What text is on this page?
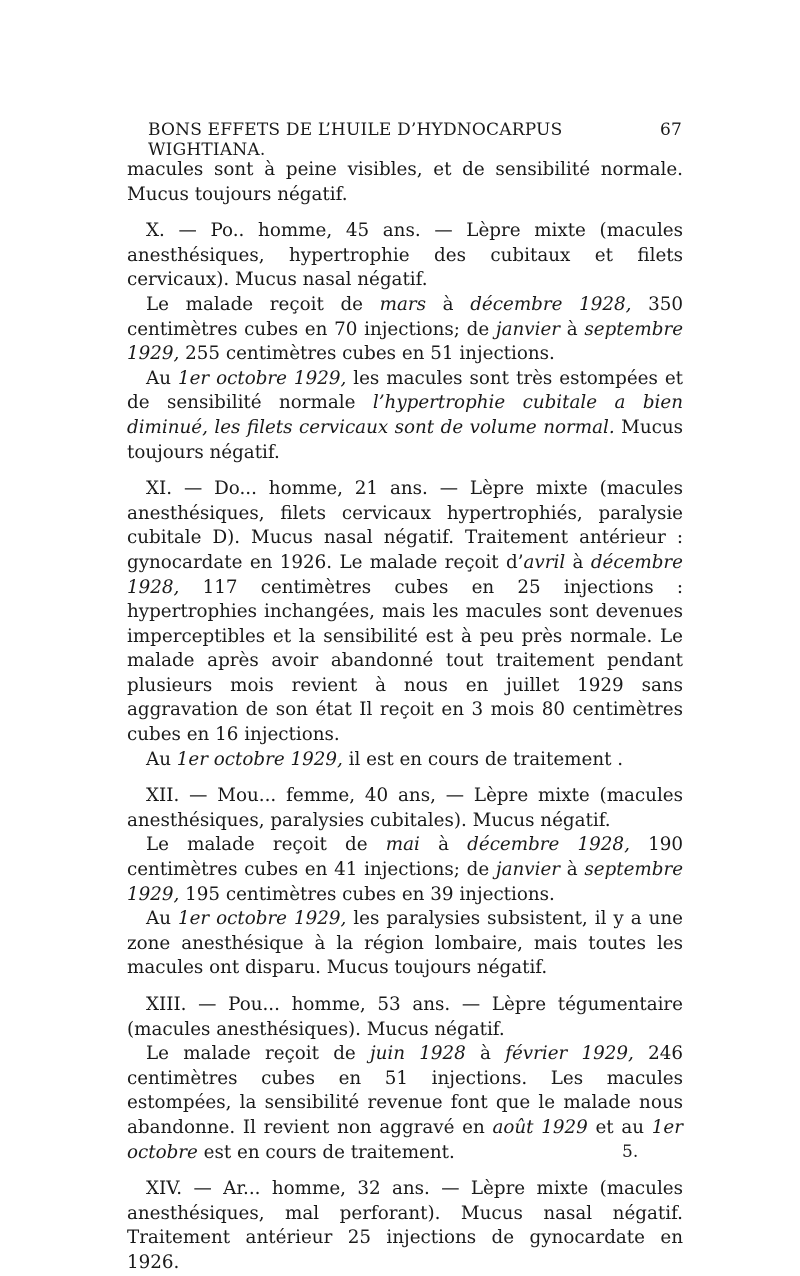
BONS EFFETS DE L’HUILE D’HYDNOCARPUS WIGHTIANA.
67

macules sont à peine visibles, et de sensibilité normale. Mucus toujours négatif.

X. — Po.. homme, 45 ans. — Lèpre mixte (macules anesthésiques, hypertrophie des cubitaux et filets cervicaux). Mucus nasal négatif.

Le malade reçoit de mars à décembre 1928, 350 centimètres cubes en 70 injections; de janvier à septembre 1929, 255 centimètres cubes en 51 injections.

Au 1er octobre 1929, les macules sont très estompées et de sensibilité normale l’hypertrophie cubitale a bien diminué, les filets cervicaux sont de volume normal. Mucus toujours négatif.

XI. — Do... homme, 21 ans. — Lèpre mixte (macules anesthésiques, filets cervicaux hypertrophiés, paralysie cubitale D). Mucus nasal négatif. Traitement antérieur : gynocardate en 1926. Le malade reçoit d’avril à décembre 1928, 117 centimètres cubes en 25 injections : hypertrophies inchangées, mais les macules sont devenues imperceptibles et la sensibilité est à peu près normale. Le malade après avoir abandonné tout traitement pendant plusieurs mois revient à nous en juillet 1929 sans aggravation de son état Il reçoit en 3 mois 80 centimètres cubes en 16 injections.

Au 1er octobre 1929, il est en cours de traitement .

XII. — Mou... femme, 40 ans, — Lèpre mixte (macules anesthésiques, paralysies cubitales). Mucus négatif.

Le malade reçoit de mai à décembre 1928, 190 centimètres cubes en 41 injections; de janvier à septembre 1929, 195 centimètres cubes en 39 injections.

Au 1er octobre 1929, les paralysies subsistent, il y a une zone anesthésique à la région lombaire, mais toutes les macules ont disparu. Mucus toujours négatif.

XIII. — Pou... homme, 53 ans. — Lèpre tégumentaire (macules anesthésiques). Mucus négatif.

Le malade reçoit de juin 1928 à février 1929, 246 centimètres cubes en 51 injections. Les macules estompées, la sensibilité revenue font que le malade nous abandonne. Il revient non aggravé en août 1929 et au 1er octobre est en cours de traitement.

XIV. — Ar... homme, 32 ans. — Lèpre mixte (macules anesthésiques, mal perforant). Mucus nasal négatif. Traitement antérieur 25 injections de gynocardate en 1926.

5.
